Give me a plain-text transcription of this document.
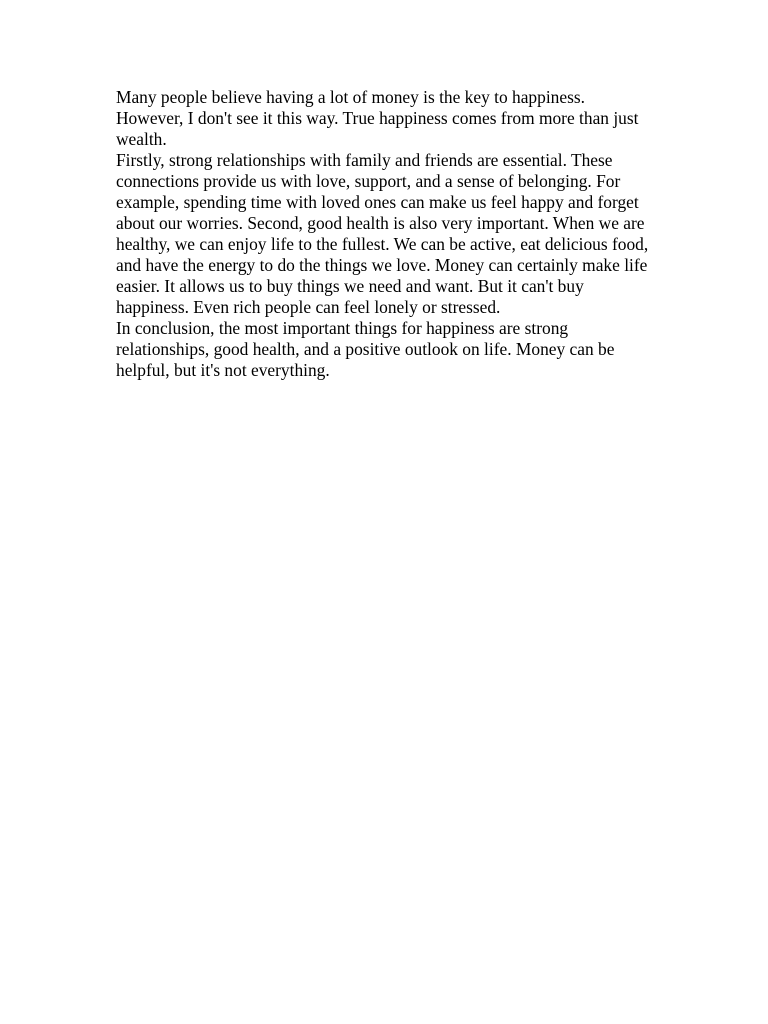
Many people believe having a lot of money is the key to happiness. However, I don't see it this way. True happiness comes from more than just wealth.

Firstly, strong relationships with family and friends are essential. These connections provide us with love, support, and a sense of belonging. For example, spending time with loved ones can make us feel happy and forget about our worries. Second, good health is also very important. When we are healthy, we can enjoy life to the fullest. We can be active, eat delicious food, and have the energy to do the things we love. Money can certainly make life easier. It allows us to buy things we need and want. But it can't buy happiness. Even rich people can feel lonely or stressed.

In conclusion, the most important things for happiness are strong relationships, good health, and a positive outlook on life. Money can be helpful, but it's not everything.
